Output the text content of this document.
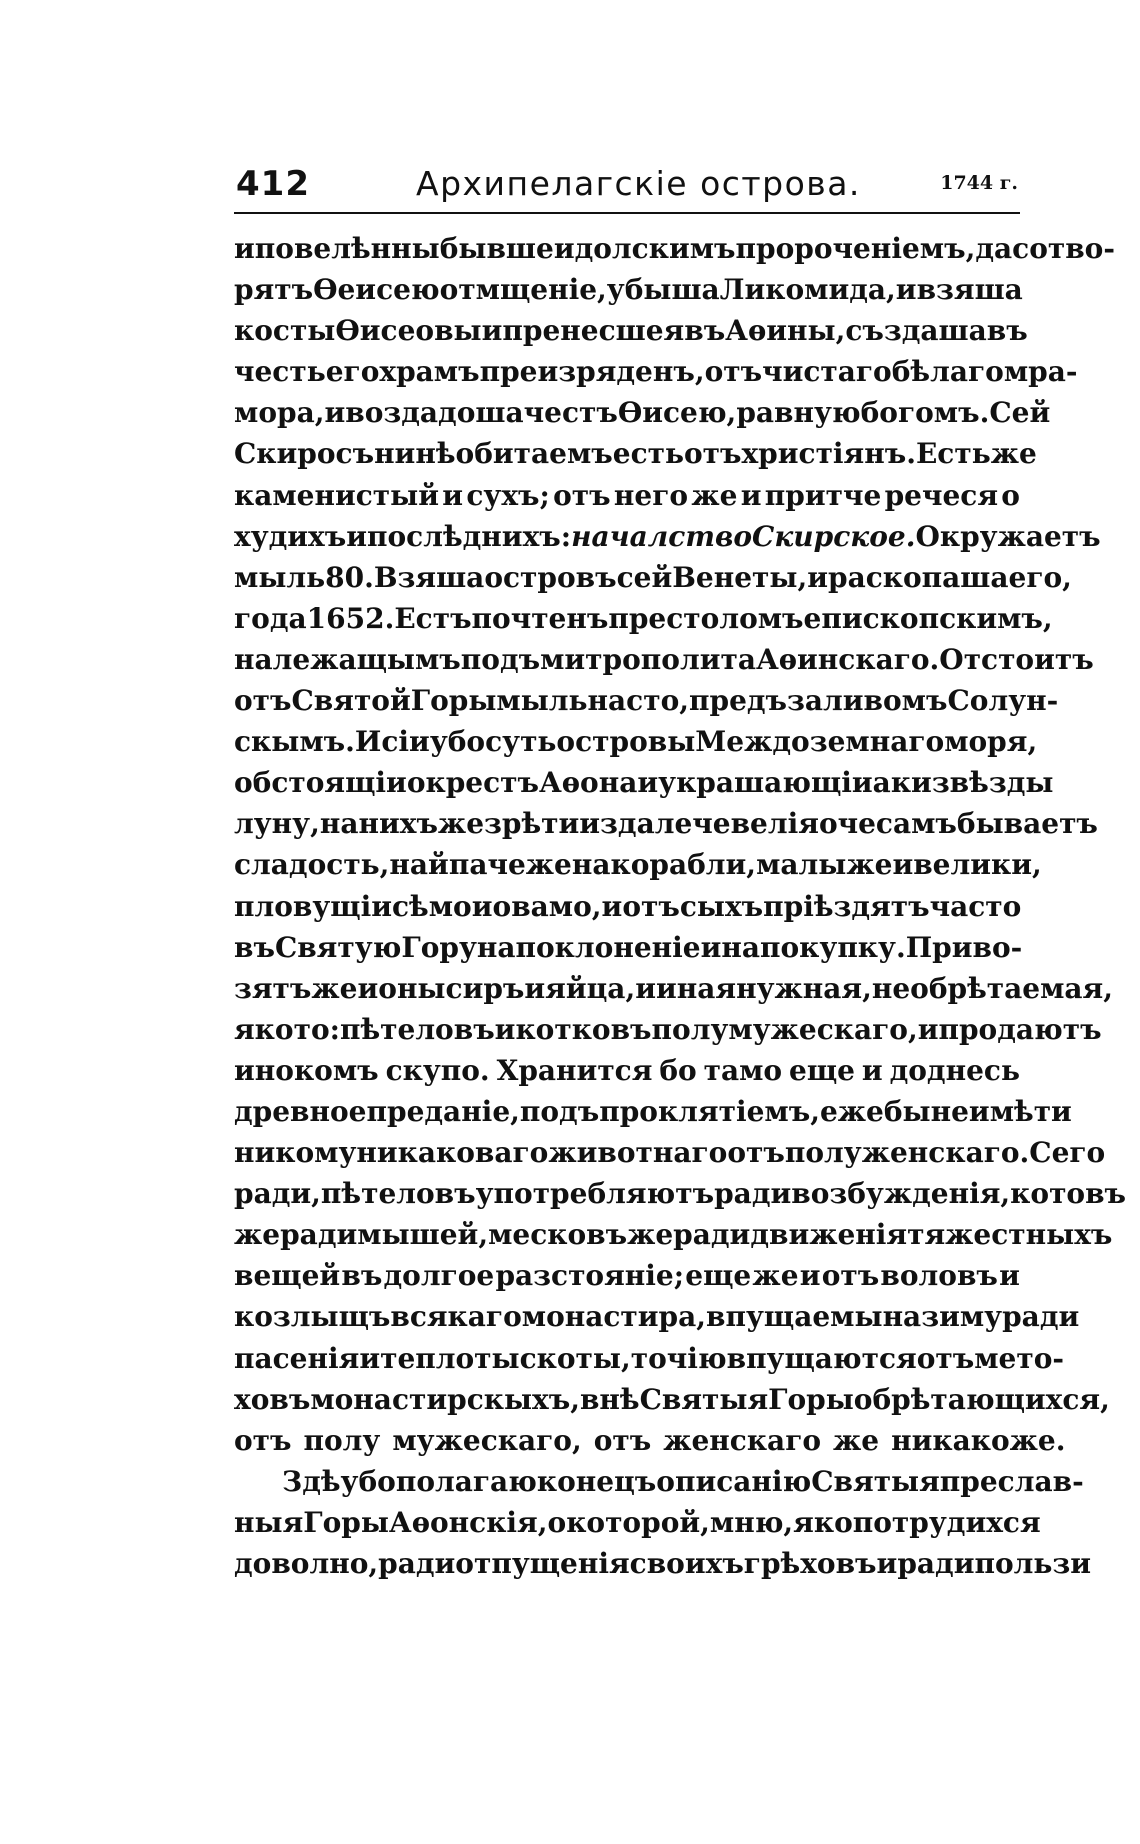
412	Архипелагскіе острова.	1744 г.
и повелѣнны бывше идолскимъ пророченіемъ, да сотво-
рятъ Ѳеисею отмщеніе, убыша Ликомида, и взяша
косты Ѳисеовы и пренесше я въ Аѳины, създаша въ
честь его храмъ преизряденъ, отъ чистаго бѣлаго мра-
мора, и воздадоша честъ Ѳисею, равную богомъ. Сей
Скиросъ нинѣ обитаемъ есть отъ христіянъ. Есть же
каменистый и сухъ; отъ него же и притче речеся о
худихъ и послѣднихъ: начaлство Скирское. Окружаетъ
мыль 80. Взяша островъ сей Венеты, и раскопаша его,
года 1652. Естъ почтенъ престоломъ епископскимъ,
належащымъ подъ митрополита Аѳинскаго. Отстоитъ
отъ Святой Горы мыль на сто, предъ заливомъ Солун-
скымъ. И сіи убо суть островы Междоземнаго моря,
обстоящіи окрестъ Аѳона и украшающіи аки звѣзды
луну, на нихъ же зрѣти издалече велія очесамъ бываетъ
сладость, найпачеже на корабли, малы же и велики,
пловущіи сѣмо и овамо, и отъ сыхъ пріѣздятъ часто
въ Святую Гору на поклоненіе и на покупку. Приво-
зятъ же и оны сиръ и яйца, и иная нужная, необрѣтаемая,
яко то: пѣтеловъ и котковъ полу мужескаго, и продаютъ
инокомъ скупо. Хранится бо тамо еще и доднесь
древное преданіе, подъ проклятіемъ, еже бы не имѣти
никому никаковаго животнаго отъ полу женскаго. Сего
ради, пѣтеловъ употребляютъ ради возбужденія, котовъ
же ради мышей, месковъ же ради движенія тяжестныхъ
вещей въ долгое разстояніе; еще же и отъ воловъ и
козлыщъ всякаго монастира, впущаемы на зиму ради
пасенія и теплоты скоты, точію впущаются отъ мето-
ховъ монастирскыхъ, внѣ Святыя Горы обрѣтающихся,
отъ полу мужескаго, отъ женскаго же никакоже.
Здѣ убо полагаю конецъ описанію Святыя преслав-
ныя Горы Аѳонскія, о которой, мню, яко потрудихся
доволно, ради отпущенія своихъ грѣховъ и ради пользи
